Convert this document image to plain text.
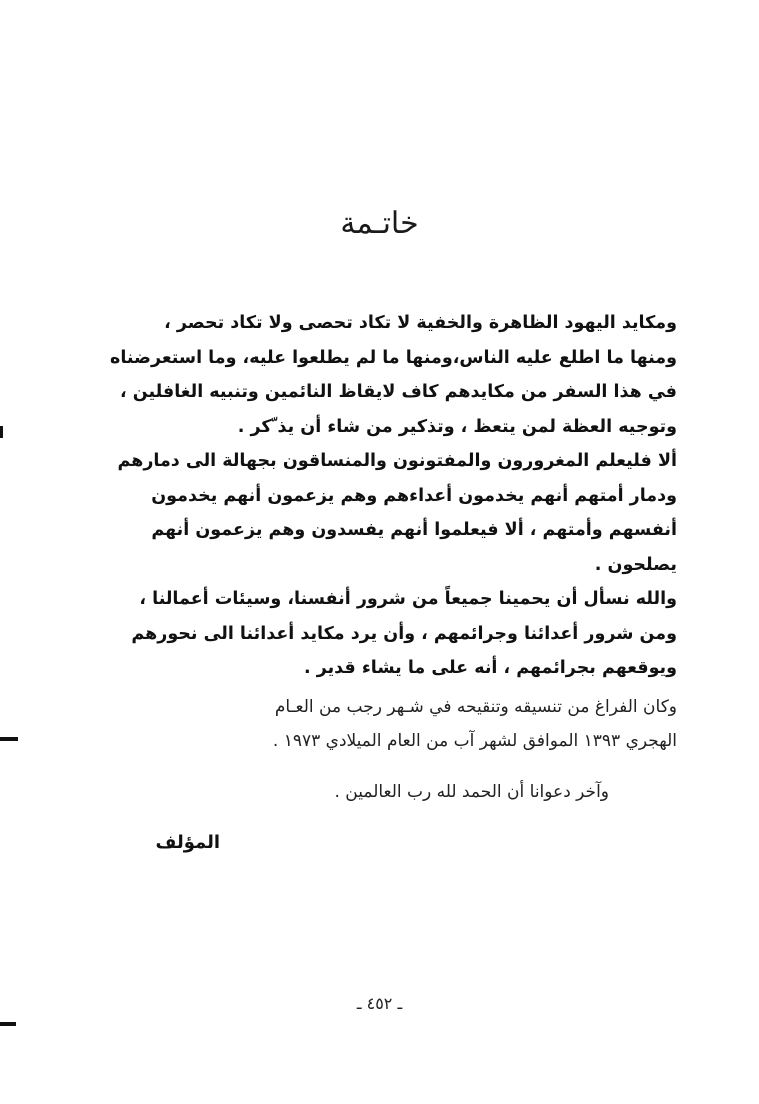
خاتـمة
ومكايد اليهود الظاهرة والخفية لا تكاد تحصى ولا تكاد تحصر ،
ومنها ما اطلع عليه الناس،ومنها ما لم يطلعوا عليه، وما استعرضناه
في هذا السفر من مكايدهم كاف لايقاظ النائمين وتنبيه الغافلين ،
وتوجيه العظة لمن يتعظ ، وتذكير من شاء أن يذ ّكر .
ألا فليعلم المغرورون والمفتونون والمنساقون بجهالة الى دمارهم
ودمار أمتهم أنهم يخدمون أعداءهم وهم يزعمون أنهم يخدمون
أنفسهم وأمتهم ، ألا فيعلموا أنهم يفسدون وهم يزعمون أنهم
يصلحون .
والله نسأل أن يحمينا جميعاً من شرور أنفسنا، وسيئات أعمالنا ،
ومن شرور أعدائنا وجرائمهم ، وأن يرد مكايد أعدائنا الى نحورهم
ويوقعهم بجرائمهم ، أنه على ما يشاء قدير .
وكان الفراغ من تنسيقه وتنقيحه في شـهر رجب من العـام
الهجري ١٣٩٣ الموافق لشهر آب من العام الميلادي ١٩٧٣ .
وآخر دعوانا أن الحمد لله رب العالمين .
المؤلف
ـ ٤٥٢ ـ
